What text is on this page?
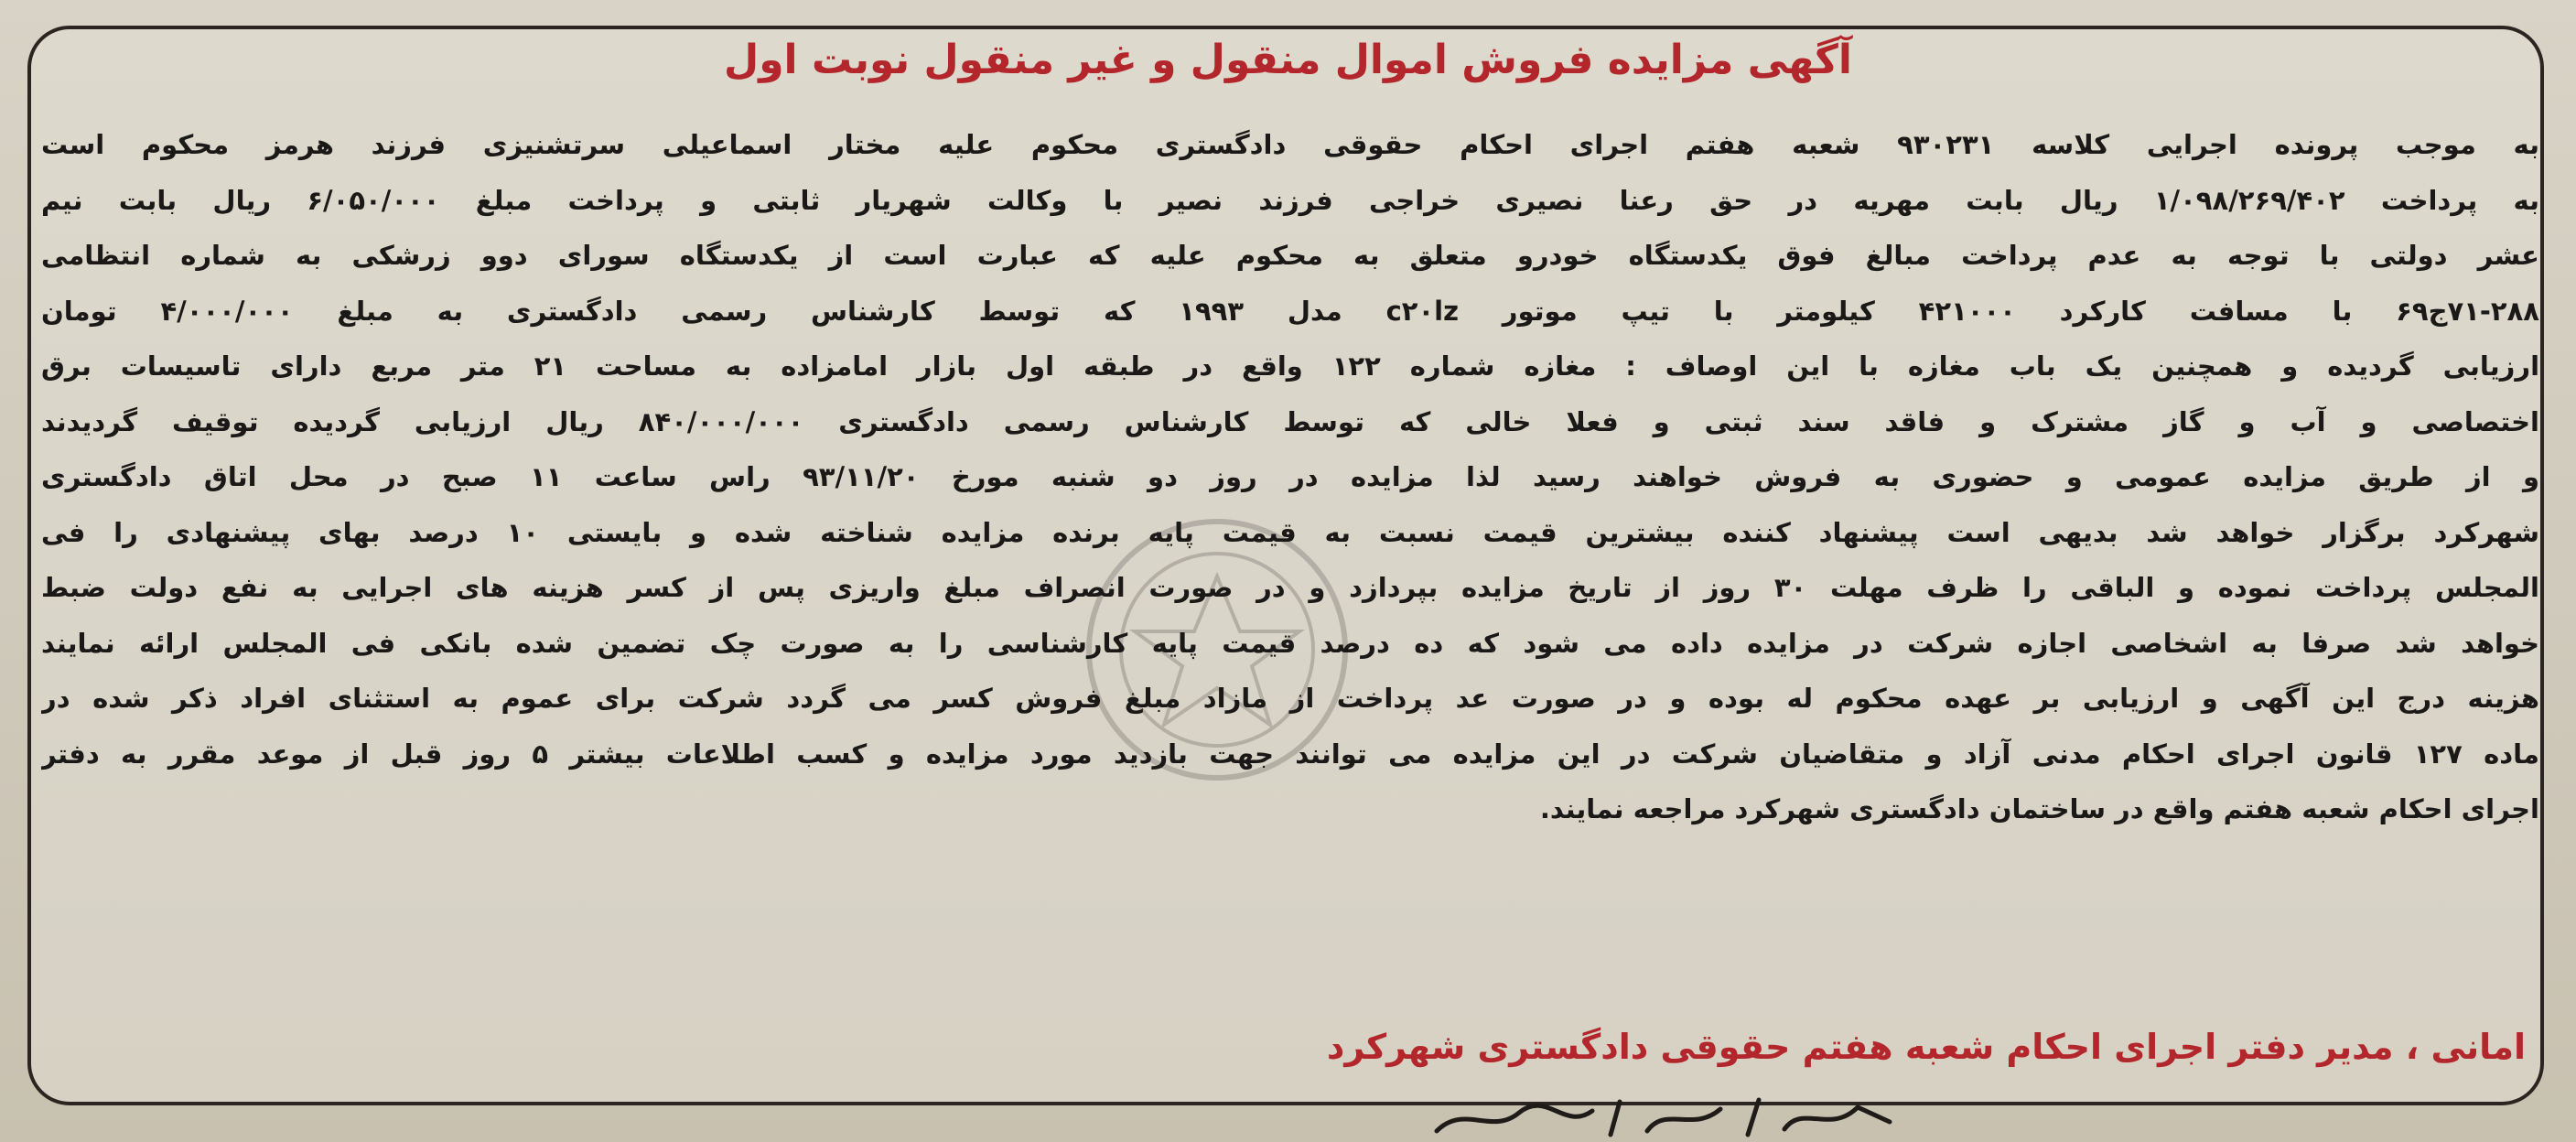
آگهی مزایده فروش اموال منقول و غیر منقول نوبت اول
به موجب پرونده اجرایی کلاسه ۹۳۰۲۳۱ شعبه هفتم اجرای احکام حقوقی دادگستری محکوم علیه مختار اسماعیلی سرتشنیزی فرزند هرمز محکوم است
به پرداخت ۱/۰۹۸/۲۶۹/۴۰۲ ریال بابت مهریه در حق رعنا نصیری خراجی فرزند نصیر با وکالت شهریار ثابتی و پرداخت مبلغ ۶/۰۵۰/۰۰۰ ریال بابت نیم
عشر دولتی با توجه به عدم پرداخت مبالغ فوق یکدستگاه خودرو متعلق به محکوم علیه که عبارت است از یکدستگاه سورای دوو زرشکی به شماره انتظامی
۷۱-۲۸۸ج۶۹ با مسافت کارکرد ۴۲۱۰۰۰ کیلومتر با تیپ موتور c۲۰lz مدل ۱۹۹۳ که توسط کارشناس رسمی دادگستری به مبلغ ۴/۰۰۰/۰۰۰ تومان
ارزیابی گردیده و همچنین یک باب مغازه با این اوصاف : مغازه شماره ۱۲۲ واقع در طبقه اول بازار امامزاده به مساحت ۲۱ متر مربع دارای تاسیسات برق
اختصاصی و آب و گاز مشترک و فاقد سند ثبتی و فعلا خالی که توسط کارشناس رسمی دادگستری ۸۴۰/۰۰۰/۰۰۰ ریال ارزیابی گردیده توقیف گردیدند
و از طریق مزایده عمومی و حضوری به فروش خواهند رسید لذا مزایده در روز دو شنبه مورخ ۹۳/۱۱/۲۰ راس ساعت ۱۱ صبح در محل اتاق دادگستری
شهرکرد برگزار خواهد شد بدیهی است پیشنهاد کننده بیشترین قیمت نسبت به قیمت پایه برنده مزایده شناخته شده و بایستی ۱۰ درصد بهای پیشنهادی را فی
المجلس پرداخت نموده و الباقی را ظرف مهلت ۳۰ روز از تاریخ مزایده بپردازد و در صورت انصراف مبلغ واریزی پس از کسر هزینه های اجرایی به نفع دولت ضبط
خواهد شد صرفا به اشخاصی اجازه شرکت در مزایده داده می شود که ده درصد قیمت پایه کارشناسی را به صورت چک تضمین شده بانکی فی المجلس ارائه نمایند
هزینه درج این آگهی و ارزیابی بر عهده محکوم له بوده و در صورت عد پرداخت از مازاد مبلغ فروش کسر می گردد شرکت برای عموم به استثنای افراد ذکر شده در
ماده ۱۲۷ قانون اجرای احکام مدنی آزاد و متقاضیان شرکت در این مزایده می توانند جهت بازدید مورد مزایده و کسب اطلاعات بیشتر ۵ روز قبل از موعد مقرر به دفتر
اجرای احکام شعبه هفتم واقع در ساختمان دادگستری شهرکرد مراجعه نمایند.
امانی ، مدیر دفتر اجرای احکام شعبه هفتم حقوقی دادگستری شهرکرد
